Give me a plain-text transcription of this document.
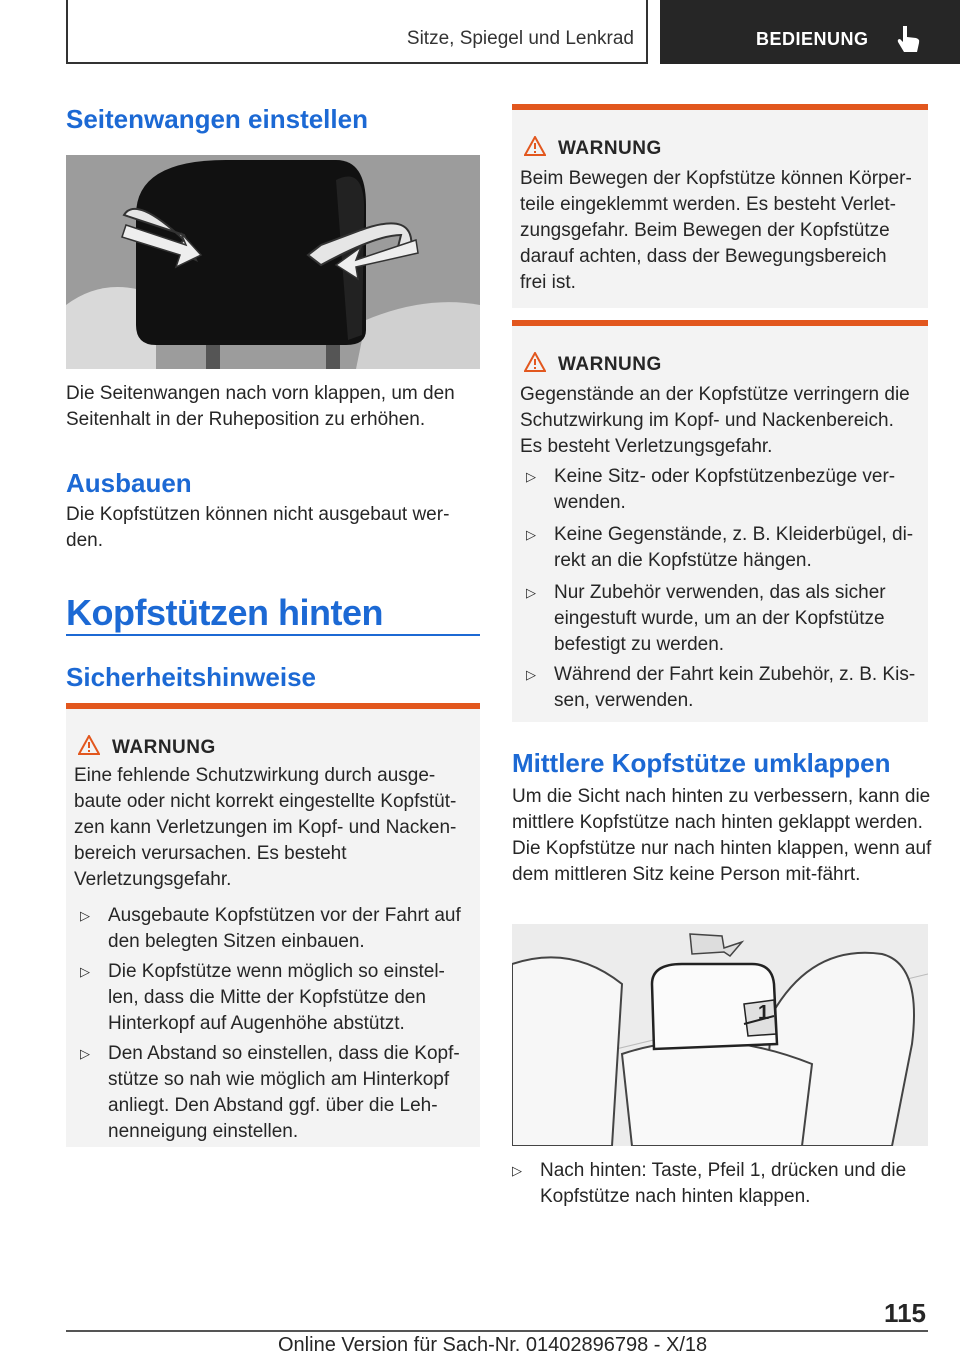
Sitze, Spiegel und Lenkrad	BEDIENUNG
Seitenwangen einstellen

Die Seitenwangen nach vorn klappen, um den Seitenhalt in der Ruheposition zu erhöhen.

Ausbauen

Die Kopfstützen können nicht ausgebaut wer-den.

Kopfstützen hinten
Sicherheitshinweise
WARNUNG

Eine fehlende Schutzwirkung durch ausge-baute oder nicht korrekt eingestellte Kopfstüt-zen kann Verletzungen im Kopf- und Nacken-bereich verursachen. Es besteht Verletzungsgefahr.

▷ Ausgebaute Kopfstützen vor der Fahrt auf den belegten Sitzen einbauen.
▷ Die Kopfstütze wenn möglich so einstel-len, dass die Mitte der Kopfstütze den Hinterkopf auf Augenhöhe abstützt.
▷ Den Abstand so einstellen, dass die Kopf-stütze so nah wie möglich am Hinterkopf anliegt. Den Abstand ggf. über die Leh-nenneigung einstellen.
WARNUNG

Beim Bewegen der Kopfstütze können Körper-teile eingeklemmt werden. Es besteht Verlet-zungsgefahr. Beim Bewegen der Kopfstütze darauf achten, dass der Bewegungsbereich frei ist.

WARNUNG

Gegenstände an der Kopfstütze verringern die Schutzwirkung im Kopf- und Nackenbereich. Es besteht Verletzungsgefahr.

▷ Keine Sitz- oder Kopfstützenbezüge ver-wenden.
▷ Keine Gegenstände, z. B. Kleiderbügel, di-rekt an die Kopfstütze hängen.
▷ Nur Zubehör verwenden, das als sicher eingestuft wurde, um an der Kopfstütze befestigt zu werden.
▷ Während der Fahrt kein Zubehör, z. B. Kis-sen, verwenden.
Mittlere Kopfstütze umklappen

Um die Sicht nach hinten zu verbessern, kann die mittlere Kopfstütze nach hinten geklappt werden. Die Kopfstütze nur nach hinten klappen, wenn auf dem mittleren Sitz keine Person mit-fährt.

1
▷ Nach hinten: Taste, Pfeil 1, drücken und die Kopfstütze nach hinten klappen.
115
Online Version für Sach-Nr. 01402896798 - X/18
